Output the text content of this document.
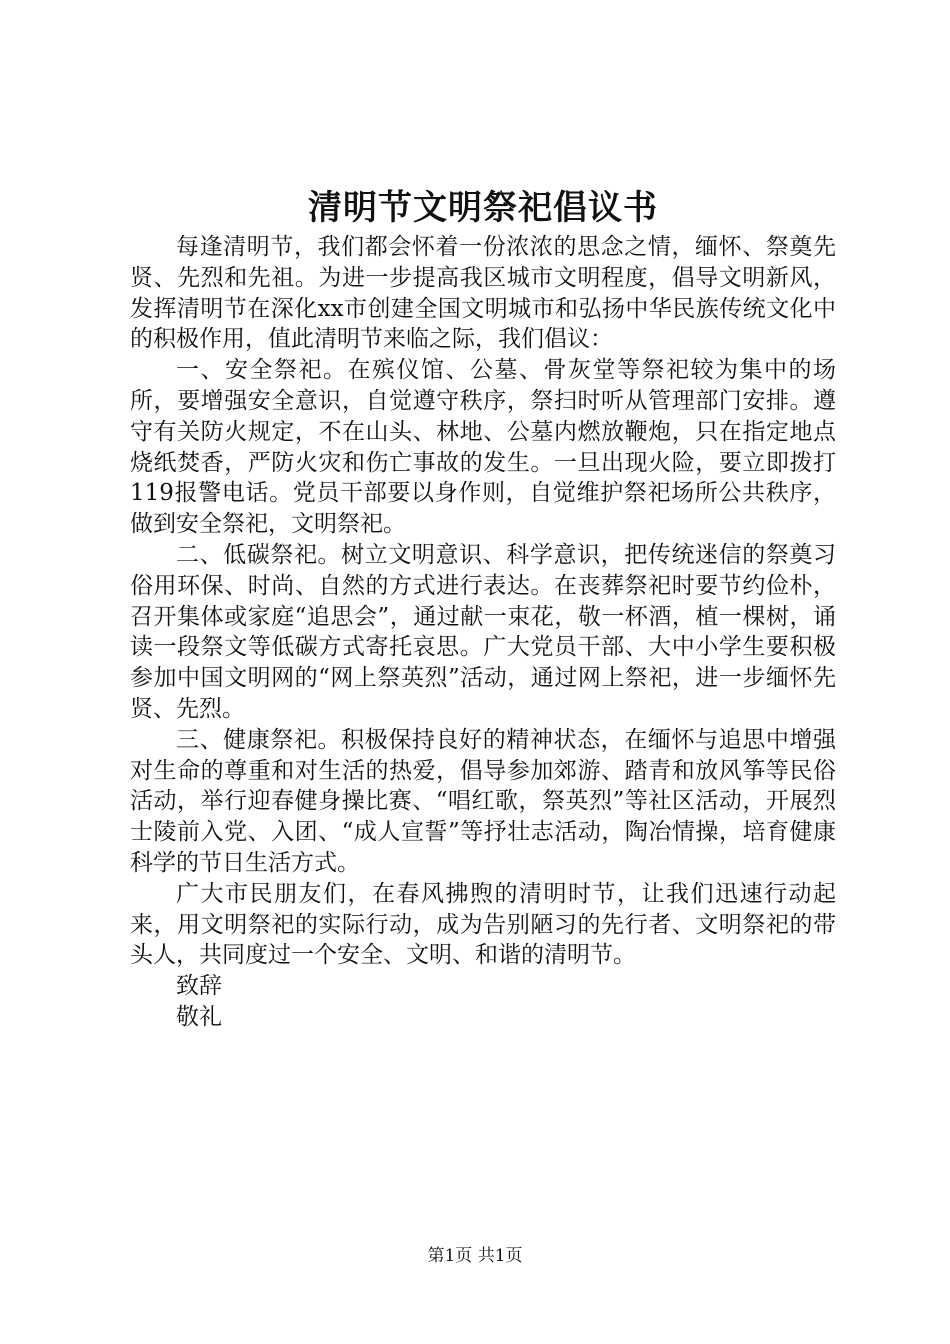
清明节文明祭祀倡议书

每逢清明节，我们都会怀着一份浓浓的思念之情，缅怀、祭奠先贤、先烈和先祖。为进一步提高我区城市文明程度，倡导文明新风，发挥清明节在深化xx市创建全国文明城市和弘扬中华民族传统文化中的积极作用，值此清明节来临之际，我们倡议：

一、安全祭祀。在殡仪馆、公墓、骨灰堂等祭祀较为集中的场所，要增强安全意识，自觉遵守秩序，祭扫时听从管理部门安排。遵守有关防火规定，不在山头、林地、公墓内燃放鞭炮，只在指定地点烧纸焚香，严防火灾和伤亡事故的发生。一旦出现火险，要立即拨打119报警电话。党员干部要以身作则，自觉维护祭祀场所公共秩序，做到安全祭祀，文明祭祀。

二、低碳祭祀。树立文明意识、科学意识，把传统迷信的祭奠习俗用环保、时尚、自然的方式进行表达。在丧葬祭祀时要节约俭朴，召开集体或家庭“追思会”，通过献一束花，敬一杯酒，植一棵树，诵读一段祭文等低碳方式寄托哀思。广大党员干部、大中小学生要积极参加中国文明网的“网上祭英烈”活动，通过网上祭祀，进一步缅怀先贤、先烈。

三、健康祭祀。积极保持良好的精神状态，在缅怀与追思中增强对生命的尊重和对生活的热爱，倡导参加郊游、踏青和放风筝等民俗活动，举行迎春健身操比赛、“唱红歌，祭英烈”等社区活动，开展烈士陵前入党、入团、“成人宣誓”等抒壮志活动，陶冶情操，培育健康科学的节日生活方式。

广大市民朋友们，在春风拂煦的清明时节，让我们迅速行动起来，用文明祭祀的实际行动，成为告别陋习的先行者、文明祭祀的带头人，共同度过一个安全、文明、和谐的清明节。

致辞

敬礼

第1页 共1页
